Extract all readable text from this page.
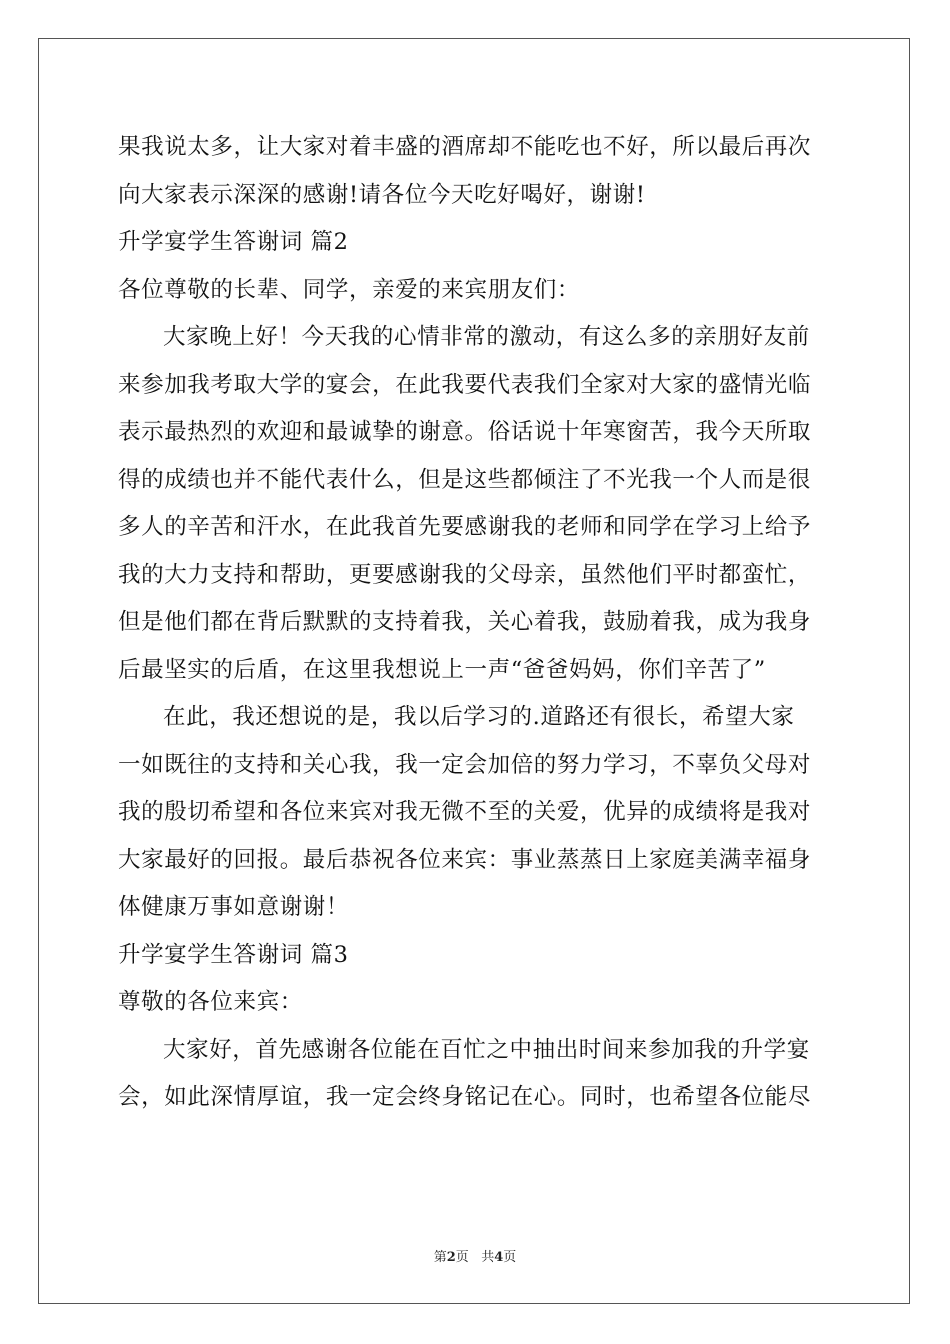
果我说太多，让大家对着丰盛的酒席却不能吃也不好，所以最后再次
向大家表示深深的感谢!请各位今天吃好喝好，谢谢!
升学宴学生答谢词 篇2
各位尊敬的长辈、同学，亲爱的来宾朋友们：
大家晚上好！今天我的心情非常的激动，有这么多的亲朋好友前
来参加我考取大学的宴会，在此我要代表我们全家对大家的盛情光临
表示最热烈的欢迎和最诚挚的谢意。俗话说十年寒窗苦，我今天所取
得的成绩也并不能代表什么，但是这些都倾注了不光我一个人而是很
多人的辛苦和汗水，在此我首先要感谢我的老师和同学在学习上给予
我的大力支持和帮助，更要感谢我的父母亲，虽然他们平时都蛮忙，
但是他们都在背后默默的支持着我，关心着我，鼓励着我，成为我身
后最坚实的后盾，在这里我想说上一声“爸爸妈妈，你们辛苦了”
在此，我还想说的是，我以后学习的.道路还有很长，希望大家
一如既往的支持和关心我，我一定会加倍的努力学习，不辜负父母对
我的殷切希望和各位来宾对我无微不至的关爱，优异的成绩将是我对
大家最好的回报。最后恭祝各位来宾：事业蒸蒸日上家庭美满幸福身
体健康万事如意谢谢！
升学宴学生答谢词 篇3
尊敬的各位来宾：
大家好，首先感谢各位能在百忙之中抽出时间来参加我的升学宴
会，如此深情厚谊，我一定会终身铭记在心。同时，也希望各位能尽
第2页 共4页
